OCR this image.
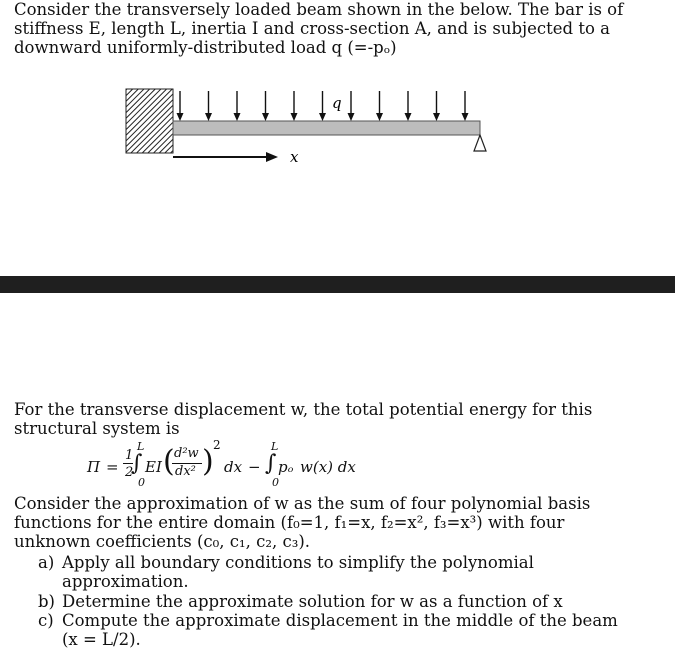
Consider the transversely loaded beam shown in the below. The bar is of
stiffness E, length L, inertia I and cross-section A, and is subjected to a
downward uniformly-distributed load q (=-pₒ)
q
x
For the transverse displacement w, the total potential energy for this
structural system is
Π =
1
2
L
∫
0
EI ( d²w
dx² ) 2
dx −
L
∫
0
pₒ w(x) dx
Consider the approximation of w as the sum of four polynomial basis
functions for the entire domain (f₀=1, f₁=x, f₂=x², f₃=x³) with four
unknown coefficients (c₀, c₁, c₂, c₃).
a) Apply all boundary conditions to simplify the polynomial
approximation.
b) Determine the approximate solution for w as a function of x
c) Compute the approximate displacement in the middle of the beam
(x = L/2).
